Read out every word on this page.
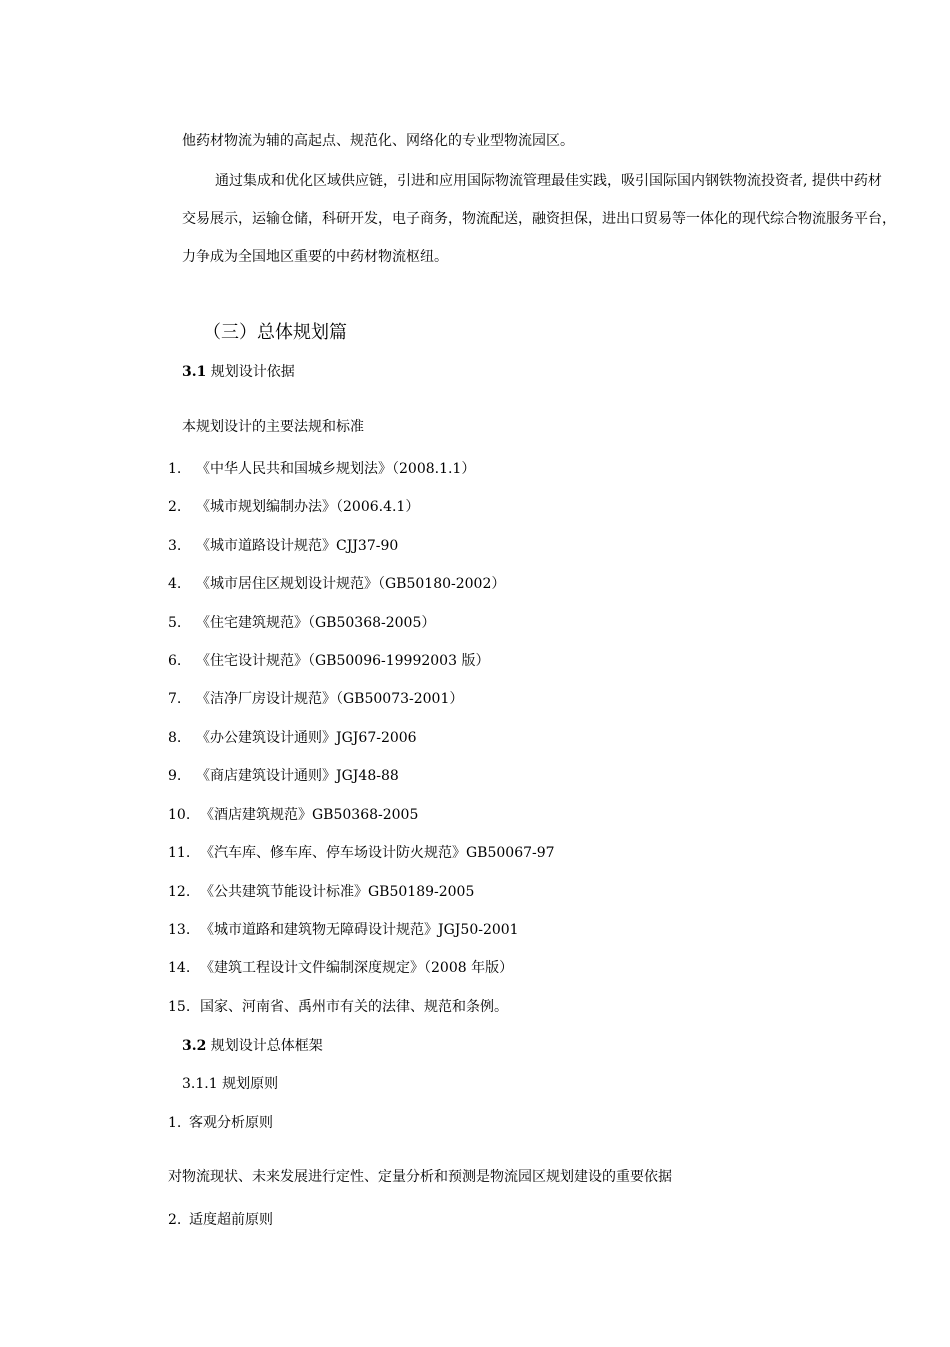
他药材物流为辅的高起点、规范化、网络化的专业型物流园区。
通过集成和优化区域供应链，引进和应用国际物流管理最佳实践，吸引国际国内钢铁物流投资者, 提供中药材
交易展示，运输仓储，科研开发，电子商务，物流配送，融资担保，进出口贸易等一体化的现代综合物流服务平台，
力争成为全国地区重要的中药材物流枢纽。
（三）总体规划篇
3.1 规划设计依据
本规划设计的主要法规和标准
1. 《中华人民共和国城乡规划法》（2008.1.1）
2. 《城市规划编制办法》（2006.4.1）
3. 《城市道路设计规范》CJJ37-90
4. 《城市居住区规划设计规范》（GB50180-2002）
5. 《住宅建筑规范》（GB50368-2005）
6. 《住宅设计规范》（GB50096-19992003 版）
7. 《洁净厂房设计规范》（GB50073-2001）
8. 《办公建筑设计通则》JGJ67-2006
9. 《商店建筑设计通则》JGJ48-88
10. 《酒店建筑规范》GB50368-2005
11. 《汽车库、修车库、停车场设计防火规范》GB50067-97
12. 《公共建筑节能设计标准》GB50189-2005
13. 《城市道路和建筑物无障碍设计规范》JGJ50-2001
14. 《建筑工程设计文件编制深度规定》（2008 年版）
15. 国家、河南省、禹州市有关的法律、规范和条例。
3.2 规划设计总体框架
3.1.1 规划原则
1. 客观分析原则
对物流现状、未来发展进行定性、定量分析和预测是物流园区规划建设的重要依据
2. 适度超前原则
